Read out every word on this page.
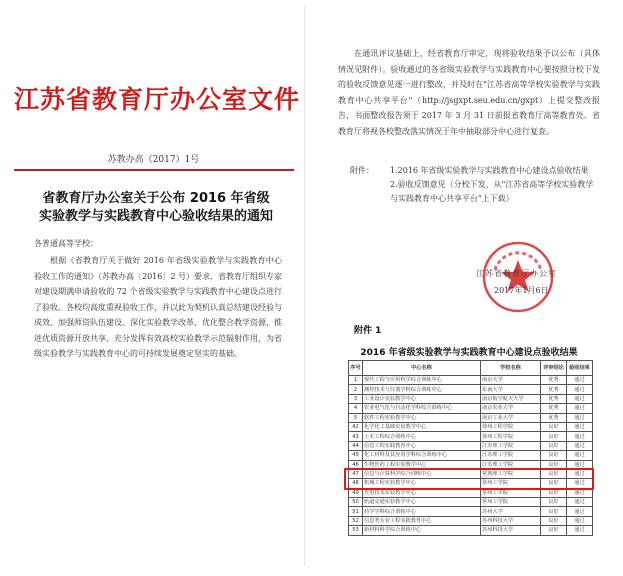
江苏省教育厅办公室文件
苏教办高（2017）1号
省教育厅办公室关于公布 2016 年省级
实验教学与实践教育中心验收结果的通知
各普通高等学校：
根据《省教育厅关于做好 2016 年省级实验教学与实践教育中心验收工作的通知》（苏教办高〔2016〕2 号）要求，省教育厅组织专家对建设期满申请验收的 72 个省级实验教学与实践教育中心建设点进行了验收。各校均高度重视验收工作，并以此为契机认真总结建设经验与成效、加强师资队伍建设、深化实验教学改革，优化整合教学资源，推进优质资源开放共享，充分发挥有效高校实验教学示范辐射作用，为省级实验教学与实践教育中心的可持续发展奠定坚实的基础。
在通讯评议基础上，经省教育厅审定，现将验收结果予以公布（具体情况见附件）。验收通过的各省级实验教学与实践教育中心要按照分校下发的验收反馈意见逐一进行整改，并及时在"江苏省高等学校实验教学与实践教育中心共享平台"（http://jsgxpt.seu.edu.cn/gxpt）上提交整改报告，书面整改报告须于 2017 年 3 月 31 日前报省教育厅高等教育处。省教育厅将视各校整改落实情况于年中抽取部分中心进行复查。
附件：	1.2016 年省级实验教学与实践教育中心建设点验收结果
2.验收反馈意见（分校下发，从"江苏省高等学校实验教学与实践教育中心共享平台"上下载）
江苏省教育厅办公室
2017年1月6日
附件 1
2016 年省级实验教学与实践教育中心建设点验收结果
序号	中心名称	学校名称	评审结论	验收结果
1	现代工程与应用科学综合训练中心	南京大学	优秀	通过
2	测控技术与仪器学科综合训练中心	东南大学	优秀	通过
3	工业设计实验教学中心	南京航空航天大学	优秀	通过
4	农业电气化与自动化学科综合训练中心	南京农业大学	优秀	通过
5	软件工程实验教学中心	南京工业大学	优秀	通过
42	化学化工基础实验教学中心	徐州工程学院	良好	通过
43	土木工程综合训练中心	徐州工程学院	良好	通过
44	信息工程实践教育中心	江苏理工学院	良好	通过
45	化工材料及其应用学科综合训练中心	江苏理工学院	良好	通过
46	生物医药工程实验教学中心	江苏理工学院	良好	通过
47	信息与计算科学综合训练中心	常熟理工学院	良好	通过
48	机械工程实验教学中心	常州工学院	良好	通过
49	光电技术实验教学中心	常州工学院	良好	通过
50	轨道交通实验教学中心	常州工学院	良好	通过
51	药学学科综合训练中心	苏州大学	良好	通过
52	信息类专业工程实践教育中心	苏州科技大学	良好	通过
53	新材料科学综合训练中心	苏州科技大学	良好	通过
